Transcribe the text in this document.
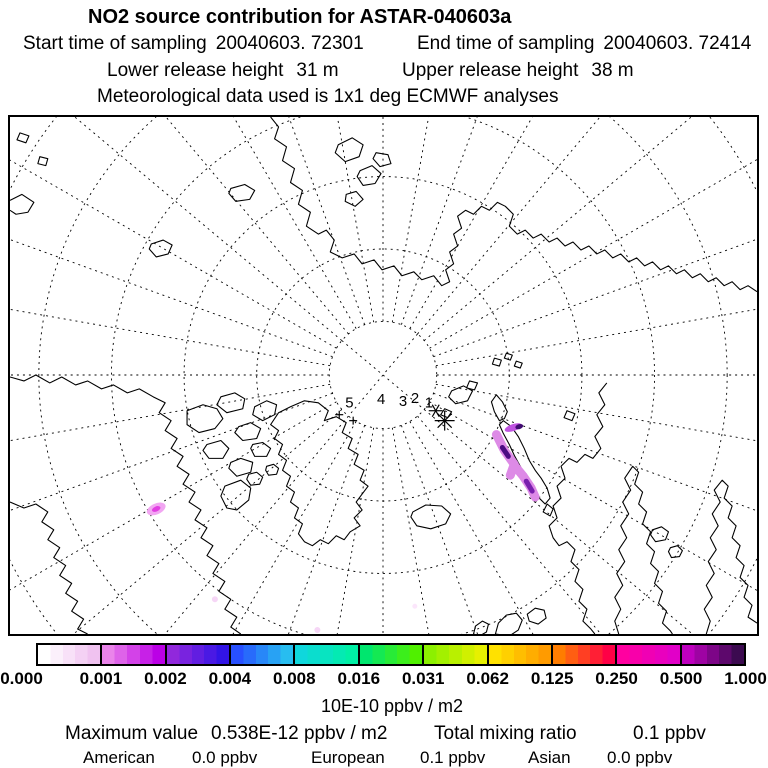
NO2 source contribution for ASTAR-040603a
Start time of sampling 20040603. 72301	End time of sampling 20040603. 72414
Lower release height 31 m	Upper release height 38 m
Meteorological data used is 1x1 deg ECMWF analyses
5 4 3 2 1
0.000 0.001 0.002 0.004 0.008 0.016 0.031 0.062 0.125 0.250 0.500 1.000
10E-10 ppbv / m2
Maximum value 0.538E-12 ppbv / m2 Total mixing ratio	0.1 ppbv
American 0.0 ppbv	European 0.1 ppbv	Asian 0.0 ppbv
